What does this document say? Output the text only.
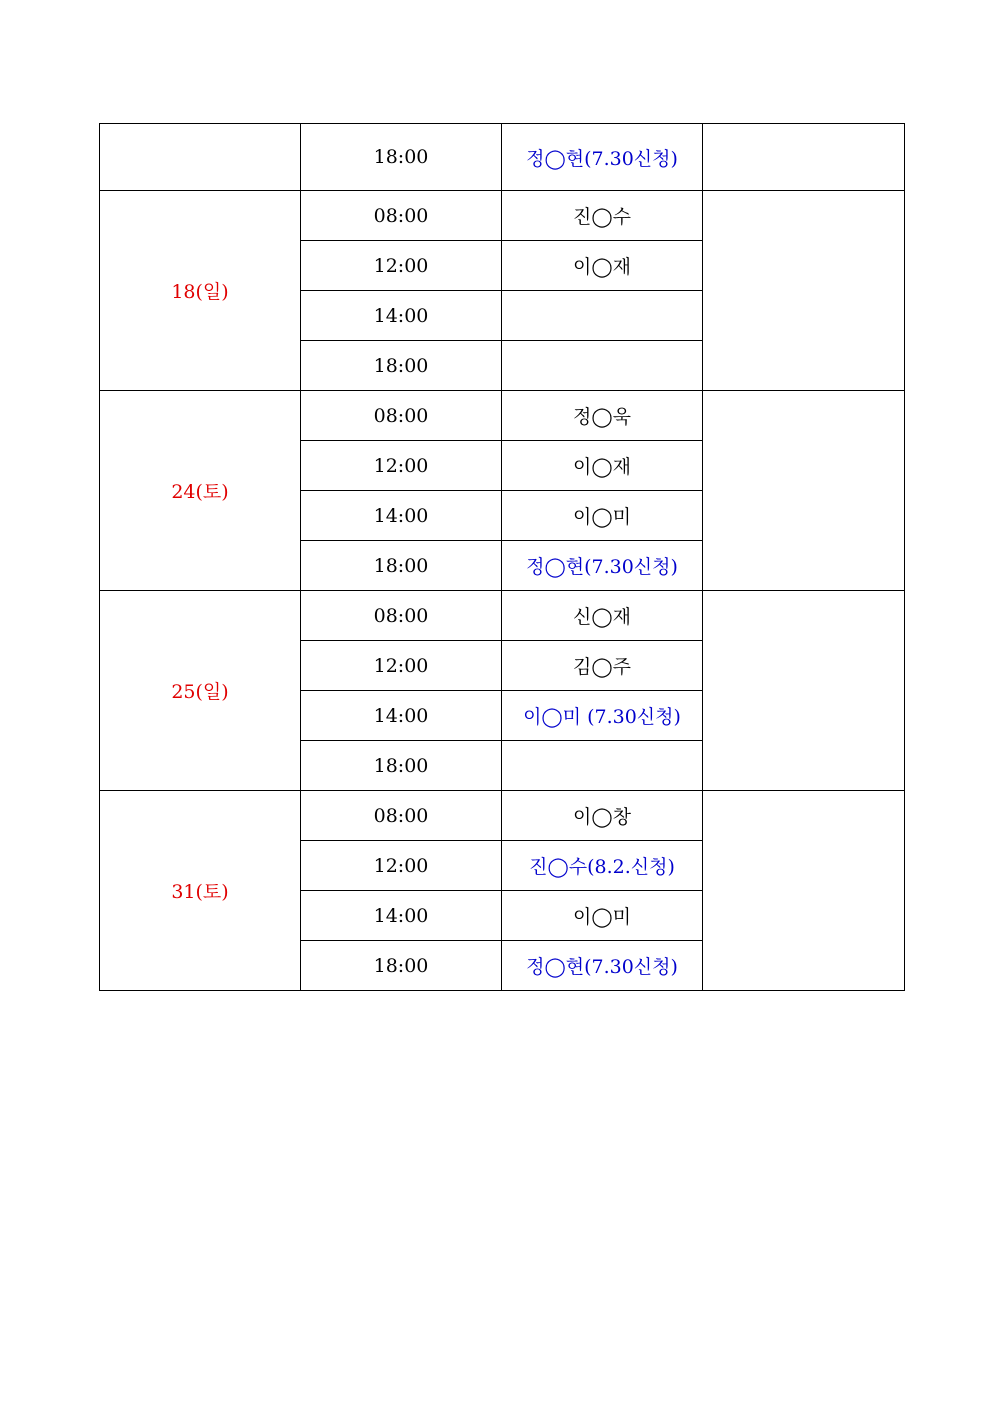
	18:00	정◯현(7.30신청)	
18(일)	08:00	진◯수	
	12:00	이◯재	
	14:00		
	18:00		
24(토)	08:00	정◯욱	
	12:00	이◯재	
	14:00	이◯미	
	18:00	정◯현(7.30신청)	
25(일)	08:00	신◯재	
	12:00	김◯주	
	14:00	이◯미 (7.30신청)	
	18:00		
31(토)	08:00	이◯창	
	12:00	진◯수(8.2.신청)	
	14:00	이◯미	
	18:00	정◯현(7.30신청)	
